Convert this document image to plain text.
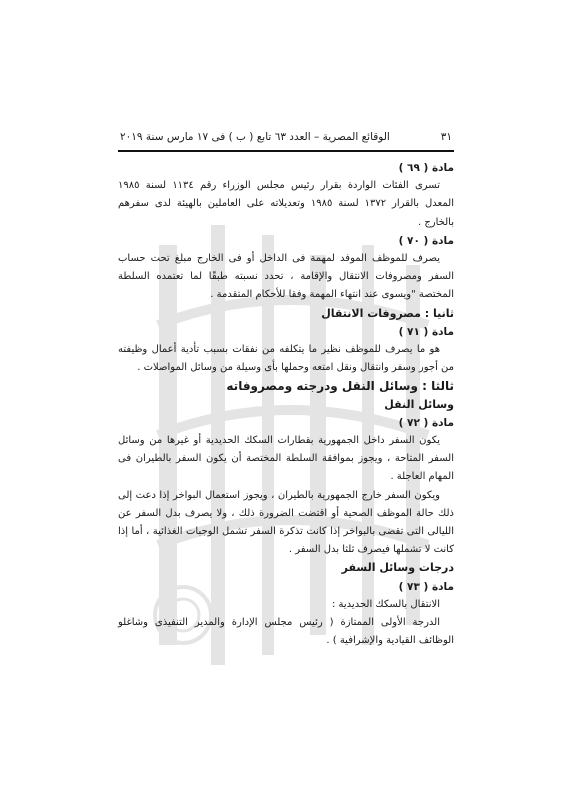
٣١
الوقائع المصرية – العدد ٦٣ تابع ( ب ) فى ١٧ مارس سنة ٢٠١٩

مادة ( ٦٩ )

تسرى الفئات الواردة بقرار رئيس مجلس الوزراء رقم ١١٣٤ لسنة ١٩٨٥ المعدل بالقرار ١٣٧٢ لسنة ١٩٨٥ وتعديلاته على العاملين بالهيئة لدى سفرهم بالخارج .

مادة ( ٧٠ )

يصرف للموظف الموفد لمهمة فى الداخل أو فى الخارج مبلغ تحت حساب السفر ومصروفات الانتقال والإقامة ، تحدد نسبته طبقًا لما تعتمده السلطة المختصة "ويسوى عند انتهاء المهمة وفقا للأحكام المتقدمة .

ثانيا : مصروفات الانتقال

مادة ( ٧١ )

هو ما يصرف للموظف نظير ما يتكلفه من نفقات بسبب تأدية أعمال وظيفته من أجور وسفر وانتقال ونقل امتعه وحملها بأى وسيلة من وسائل المواصلات .

ثالثا : وسائل النقل ودرجته ومصروفاته

وسائل النقل

مادة ( ٧٢ )

يكون السفر داخل الجمهورية بقطارات السكك الحديدية أو غيرها من وسائل السفر المتاحة ، ويجوز بموافقة السلطة المختصة أن يكون السفر بالطيران فى المهام العاجلة .

ويكون السفر خارج الجمهورية بالطيران ، ويجوز استعمال البواخر إذا دعت إلى ذلك حالة الموظف الصحية أو اقتضت الضرورة ذلك ، ولا يصرف بدل السفر عن الليالى التى تقضى بالبواخر إذا كانت تذكرة السفر تشمل الوجبات الغذائية ، أما إذا كانت لا تشملها فيصرف ثلثا بدل السفر .

درجات وسائل السفر

مادة ( ٧٣ )

الانتقال بالسكك الحديدية :

الدرجة الأولى الممتازة ( رئيس مجلس الإدارة والمدير التنفيذى وشاغلو الوظائف القيادية والإشرافية ) .
